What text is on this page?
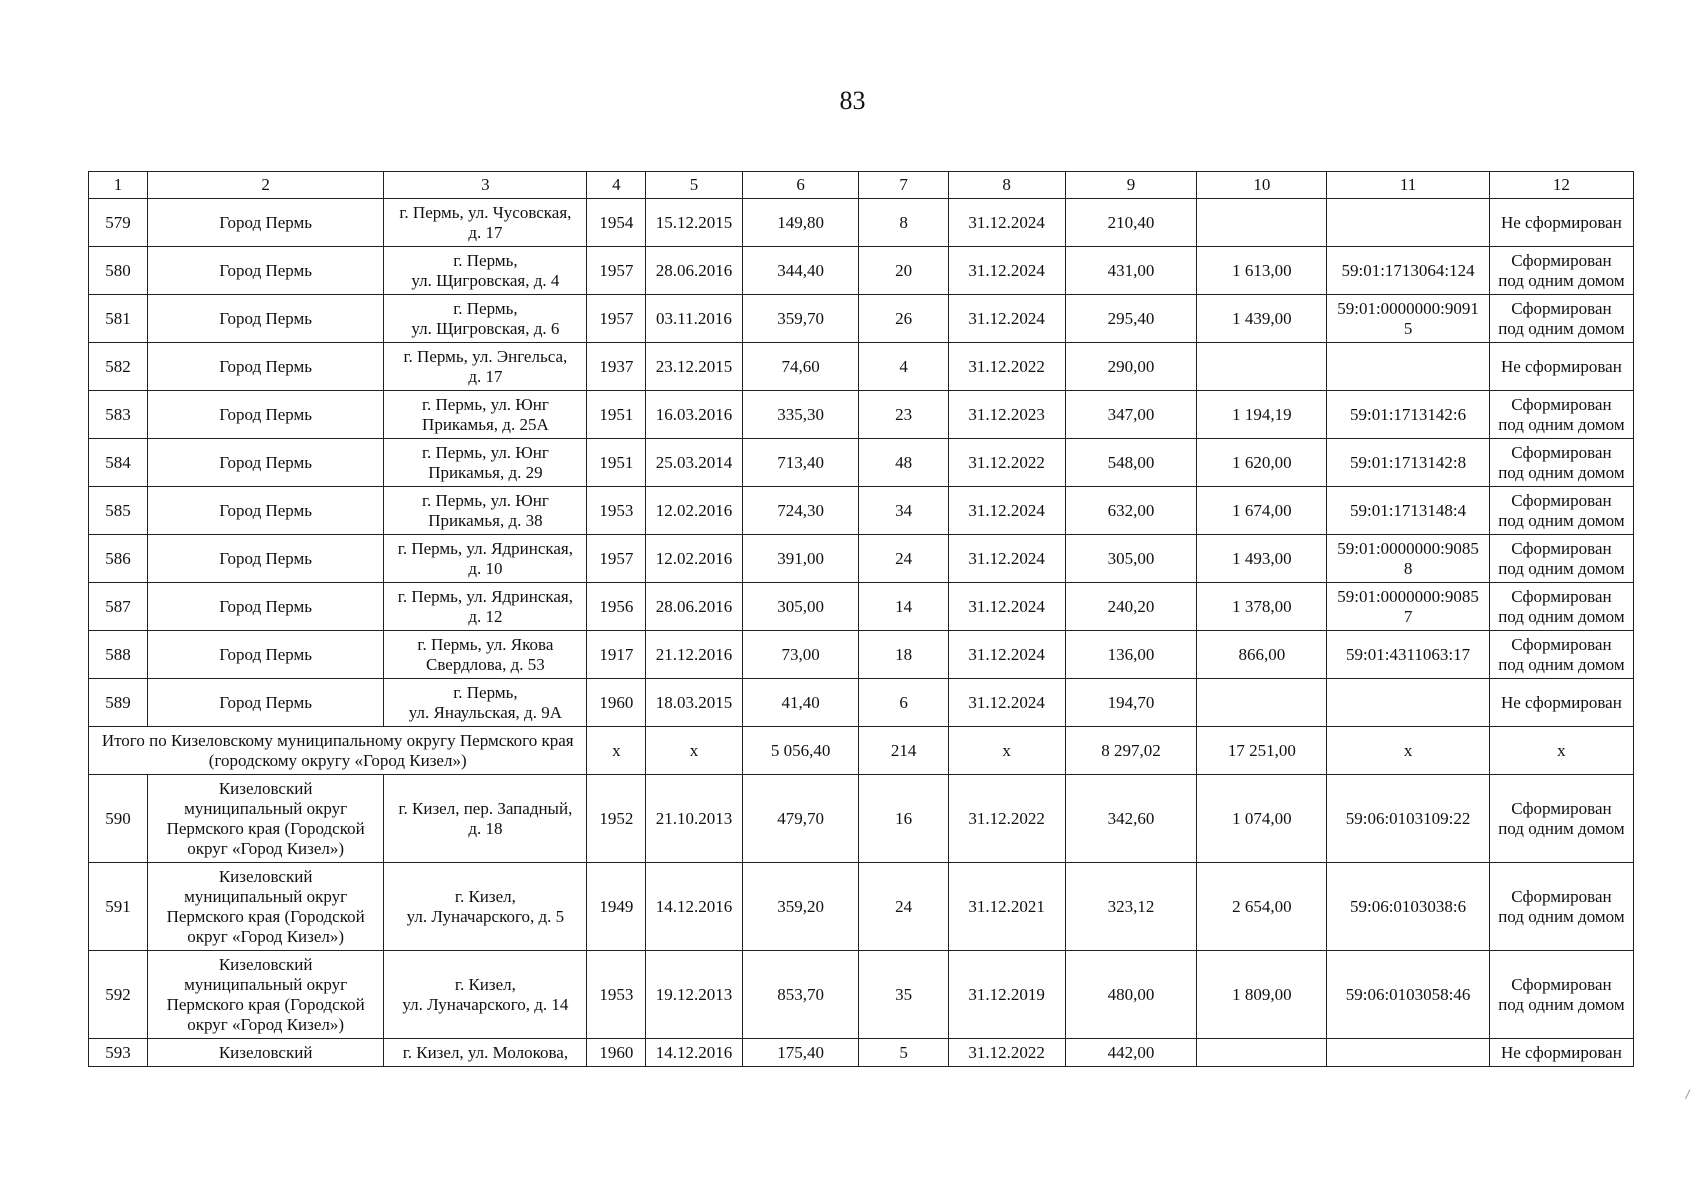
83
1	2	3	4	5	6	7	8	9	10	11	12
579	Город Пермь	г. Пермь, ул. Чусовская,
д. 17	1954	15.12.2015	149,80	8	31.12.2024	210,40			Не сформирован

580	Город Пермь	г. Пермь,
ул. Щигровская, д. 4	1957	28.06.2016	344,40	20	31.12.2024	431,00	1 613,00	59:01:1713064:124	Сформирован
под одним домом

581	Город Пермь	г. Пермь,
ул. Щигровская, д. 6	1957	03.11.2016	359,70	26	31.12.2024	295,40	1 439,00	59:01:0000000:9091
5	Сформирован
под одним домом

582	Город Пермь	г. Пермь, ул. Энгельса,
д. 17	1937	23.12.2015	74,60	4	31.12.2022	290,00			Не сформирован

583	Город Пермь	г. Пермь, ул. Юнг
Прикамья, д. 25А	1951	16.03.2016	335,30	23	31.12.2023	347,00	1 194,19	59:01:1713142:6	Сформирован
под одним домом

584	Город Пермь	г. Пермь, ул. Юнг
Прикамья, д. 29	1951	25.03.2014	713,40	48	31.12.2022	548,00	1 620,00	59:01:1713142:8	Сформирован
под одним домом

585	Город Пермь	г. Пермь, ул. Юнг
Прикамья, д. 38	1953	12.02.2016	724,30	34	31.12.2024	632,00	1 674,00	59:01:1713148:4	Сформирован
под одним домом

586	Город Пермь	г. Пермь, ул. Ядринская,
д. 10	1957	12.02.2016	391,00	24	31.12.2024	305,00	1 493,00	59:01:0000000:9085
8	Сформирован
под одним домом

587	Город Пермь	г. Пермь, ул. Ядринская,
д. 12	1956	28.06.2016	305,00	14	31.12.2024	240,20	1 378,00	59:01:0000000:9085
7	Сформирован
под одним домом

588	Город Пермь	г. Пермь, ул. Якова
Свердлова, д. 53	1917	21.12.2016	73,00	18	31.12.2024	136,00	866,00	59:01:4311063:17	Сформирован
под одним домом

589	Город Пермь	г. Пермь,
ул. Янаульская, д. 9А	1960	18.03.2015	41,40	6	31.12.2024	194,70			Не сформирован

Итого по Кизеловскому муниципальному округу Пермского края (городскому округу «Город Кизел»)			х	х	5 056,40	214	х	8 297,02	17 251,00	х	х
590	Кизеловский
муниципальный округ
Пермского края (Городской
округ «Город Кизел»)	г. Кизел, пер. Западный,
д. 18	1952	21.10.2013	479,70	16	31.12.2022	342,60	1 074,00	59:06:0103109:22	Сформирован
под одним домом

591	Кизеловский
муниципальный округ
Пермского края (Городской
округ «Город Кизел»)	г. Кизел,
ул. Луначарского, д. 5	1949	14.12.2016	359,20	24	31.12.2021	323,12	2 654,00	59:06:0103038:6	Сформирован
под одним домом

592	Кизеловский
муниципальный округ
Пермского края (Городской
округ «Город Кизел»)	г. Кизел,
ул. Луначарского, д. 14	1953	19.12.2013	853,70	35	31.12.2019	480,00	1 809,00	59:06:0103058:46	Сформирован
под одним домом

593	Кизеловский	г. Кизел, ул. Молокова,	1960	14.12.2016	175,40	5	31.12.2022	442,00			Не сформирован
